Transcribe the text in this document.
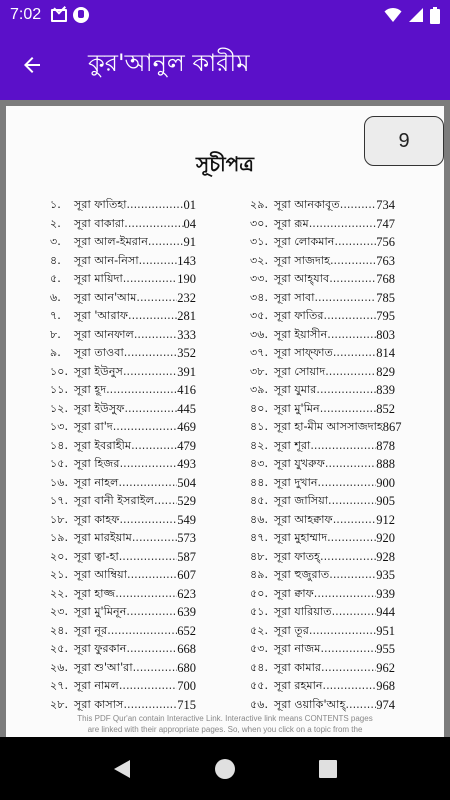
7:02
কুর'আনুল কারীম
9
সূচীপত্র
১.	সূরা ফাতিহা .....	01
২.	সূরা বাকারা .....	04
৩.	সূরা আল-ইমরান .....	91
৪.	সূরা আন-নিসা .....	143
৫.	সূরা মায়িদা .....	190
৬.	সূরা আন'আম .....	232
৭.	সূরা 'আরাফ .....	281
৮.	সূরা আনফাল .....	333
৯.	সূরা তাওবা .....	352
১০. সূরা ইউনুস .....	391
১১. সূরা হূদ .....	416
১২. সূরা ইউসুফ .....	445
১৩. সূরা রা'দ .....	469
১৪. সূরা ইবরাহীম .....	479
১৫. সূরা হিজর .....	493
১৬. সূরা নাহল .....	504
১৭. সূরা বানী ইসরাইল ..... 529
১৮. সূরা কাহফ .....	549
১৯. সূরা মারইয়াম .....	573
২০. সূরা ত্বা-হা .....	587
২১. সূরা আম্বিয়া .....	607
২২. সূরা হাজ্জ .....	623
২৩. সূরা মু'মিনূন .....	639
২৪. সূরা নূর .....	652
২৫. সূরা ফুরকান .....	668
২৬. সূরা শু'আ'রা .....	680
২৭. সূরা নামল .....	700
২৮. সূরা কাসাস .....	715
২৯. সূরা আনকাবূত .....	734
৩০. সূরা রূম .....	747
৩১. সূরা লোকমান .....	756
৩২. সূরা সাজদাহ .....	763
৩৩. সূরা আহ্‌যাব .....	768
৩৪. সূরা সাবা .....	785
৩৫. সূরা ফাতির .....	795
৩৬. সূরা ইয়াসীন .....	803
৩৭. সূরা সাফ্‌ফাত .....	814
৩৮. সূরা সোয়াদ .....	829
৩৯. সূরা যুমার .....	839
৪০. সূরা মু'মিন .....	852
৪১. সূরা হা-মীম আসসাজদাহ 867
৪২. সূরা শূরা .....	878
৪৩. সূরা যুখরুফ .....	888
৪৪. সূরা দুখান .....	900
৪৫. সূরা জাসিয়া .....	905
৪৬. সূরা আহক্বাফ .....	912
৪৭. সূরা মুহাম্মাদ .....	920
৪৮. সূরা ফাতহ্‌ .....	928
৪৯. সূরা হুজুরাত .....	935
৫০. সূরা ক্বাফ .....	939
৫১. সূরা যারিয়াত .....	944
৫২. সূরা তূর .....	951
৫৩. সূরা নাজম .....	955
৫৪. সূরা কামার .....	962
৫৫. সূরা রহমান .....	968
৫৬. সূরা ওয়াকি'আহ্‌ ..... 974
This PDF Qur'an contain Interactive Link. Interactive link means CONTENTS pages
are linked with their appropriate pages. So, when you click on a topic from the
